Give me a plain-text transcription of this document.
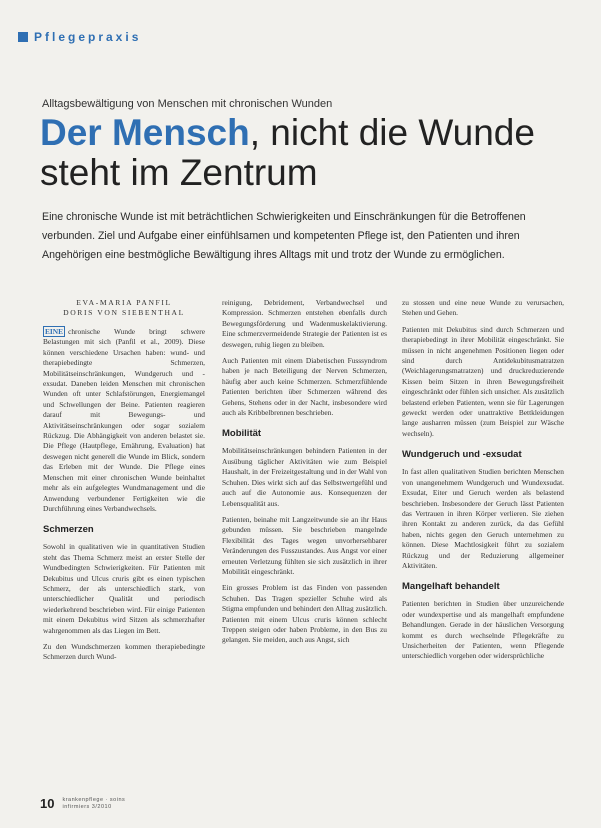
Pflegepraxis
Alltagsbewältigung von Menschen mit chronischen Wunden
Der Mensch, nicht die Wunde
steht im Zentrum
Eine chronische Wunde ist mit beträchtlichen Schwierigkeiten und Einschränkungen für die Betroffenen verbunden. Ziel und Aufgabe einer einfühlsamen und kompetenten Pflege ist, den Patienten und ihren Angehörigen eine bestmögliche Bewältigung ihres Alltags mit und trotz der Wunde zu ermöglichen.
EVA-MARIA PANFIL
DORIS VON SIEBENTHAL

EINE chronische Wunde bringt schwere Belastungen mit sich (Panfil et al., 2009). Diese können verschiedene Ursachen haben: wund- und therapiebedingte Schmerzen, Mobilitätseinschränkungen, Wundgeruch und -exsudat. Daneben leiden Menschen mit chronischen Wunden oft unter Schlafstörungen, Energiemangel und Schwellungen der Beine. Patienten reagieren darauf mit Bewegungs- und Aktivitätseinschränkungen oder sogar sozialem Rückzug. Die Abhängigkeit von anderen belastet sie. Die Pflege (Hautpflege, Ernährung, Evaluation) hat deswegen nicht generell die Wunde im Blick, sondern das Erleben mit der Wunde. Die Pflege eines Menschen mit einer chronischen Wunde beinhaltet mehr als ein aufgelegtes Wundmanagement und die Anwendung verbundener Fertigkeiten wie die Durchführung eines Verbandwechsels.

Schmerzen

Sowohl in qualitativen wie in quantitativen Studien steht das Thema Schmerz meist an erster Stelle der Wundbedingten Schwierigkeiten. Für Patienten mit Dekubitus und Ulcus cruris gibt es einen typischen Schmerz, der als unterschiedlich stark, von unterschiedlicher Qualität und periodisch wiederkehrend beschrieben wird. Für einige Patienten mit einem Dekubitus wird Sitzen als schmerzhafter wahrgenommen als das Liegen im Bett.

Zu den Wundschmerzen kommen therapiebedingte Schmerzen durch Wund-

reinigung, Debridement, Verbandwechsel und Kompression. Schmerzen entstehen ebenfalls durch Bewegungsförderung und Wadenmuskelaktivierung. Eine schmerzvermeidende Strategie der Patienten ist es deswegen, ruhig liegen zu bleiben.

Auch Patienten mit einem Diabetischen Fusssyndrom haben je nach Beteiligung der Nerven Schmerzen, häufig aber auch keine Schmerzen. Schmerzfühlende Patienten berichten über Schmerzen während des Gehens, Stehens oder in der Nacht, insbesondere wird auch als Kribbelbrennen beschrieben.

Mobilität

Mobilitätseinschränkungen behindern Patienten in der Ausübung täglicher Aktivitäten wie zum Beispiel Haushalt, in der Freizeitgestaltung und in der Wahl von Schuhen. Dies wirkt sich auf das Selbstwertgefühl und auch auf die Autonomie aus. Konsequenzen der Lebensqualität aus.

Patienten, beinahe mit Langzeitwunde sie an ihr Haus gebunden müssen. Sie beschrieben mangelnde Flexibilität des Tages wegen unvorhersehbarer Veränderungen des Fusszustandes. Aus Angst vor einer erneuten Verletzung fühlten sie sich zusätzlich in ihrer Mobilität eingeschränkt.

Ein grosses Problem ist das Finden von passenden Schuhen. Das Tragen spezieller Schuhe wird als Stigma empfunden und behindert den Alltag zusätzlich. Patienten mit einem Ulcus cruris können schlecht Treppen steigen oder haben Probleme, in den Bus zu gelangen. Sie meiden, auch aus Angst, sich

zu stossen und eine neue Wunde zu verursachen, Stehen und Gehen.

Patienten mit Dekubitus sind durch Schmerzen und therapiebedingt in ihrer Mobilität eingeschränkt. Sie müssen in nicht angenehmen Positionen liegen oder sind durch Antidekubitusmatratzen (Weichlagerungsmatratzen) und druckreduzierende Kissen beim Sitzen in ihren Bewegungsfreiheit eingeschränkt oder fühlen sich unsicher. Als zusätzlich belastend erleben Patienten, wenn sie für Lagerungen geweckt werden oder unattraktive Bettkleidungen lange ausharren müssen (zum Beispiel zur Wäsche wechseln).

Wundgeruch und -exsudat

In fast allen qualitativen Studien berichten Menschen von unangenehmem Wundgeruch und Wundexsudat. Exsudat, Eiter und Geruch werden als belastend beschrieben. Insbesondere der Geruch lässt Patienten das Vertrauen in ihren Körper verlieren. Sie ziehen ihren Kontakt zu anderen zurück, da das Gefühl haben, nichts gegen den Geruch unternehmen zu können. Diese Machtlosigkeit führt zu sozialem Rückzug und der Reduzierung allgemeiner Aktivitäten.

Mangelhaft behandelt

Patienten berichten in Studien über unzureichende oder wundexpertise und als mangelhaft empfundene Behandlungen. Gerade in der häuslichen Versorgung kommt es durch wechselnde Pflegekräfte zu Unsicherheiten der Patienten, wenn Pflegende unterschiedlich vorgehen oder widersprüchliche

10 krankenpflege · soins
infirmiers 3/2010
